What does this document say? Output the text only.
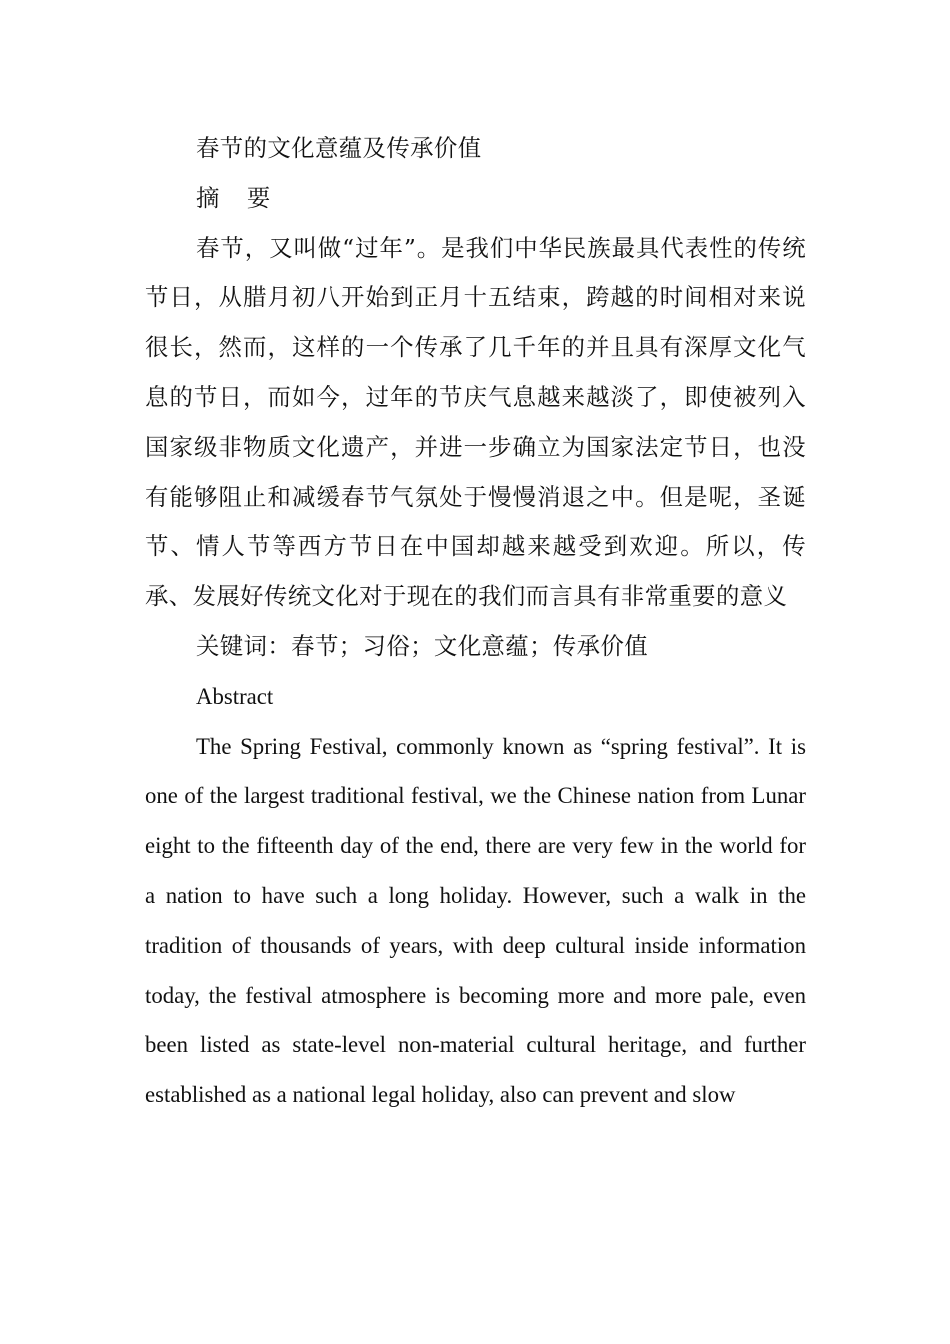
春节的文化意蕴及传承价值

摘 要

春节，又叫做“过年”。是我们中华民族最具代表性的传统节日，从腊月初八开始到正月十五结束，跨越的时间相对来说很长，然而，这样的一个传承了几千年的并且具有深厚文化气息的节日，而如今，过年的节庆气息越来越淡了，即使被列入国家级非物质文化遗产，并进一步确立为国家法定节日，也没有能够阻止和减缓春节气氛处于慢慢消退之中。但是呢，圣诞节、情人节等西方节日在中国却越来越受到欢迎。所以，传承、发展好传统文化对于现在的我们而言具有非常重要的意义

关键词：春节；习俗；文化意蕴；传承价值

Abstract

The Spring Festival, commonly known as “spring festival”. It is one of the largest traditional festival, we the Chinese nation from Lunar eight to the fifteenth day of the end, there are very few in the world for a nation to have such a long holiday. However, such a walk in the tradition of thousands of years, with deep cultural inside information today, the festival atmosphere is becoming more and more pale, even been listed as state-level non-material cultural heritage, and further established as a national legal holiday, also can prevent and slow
